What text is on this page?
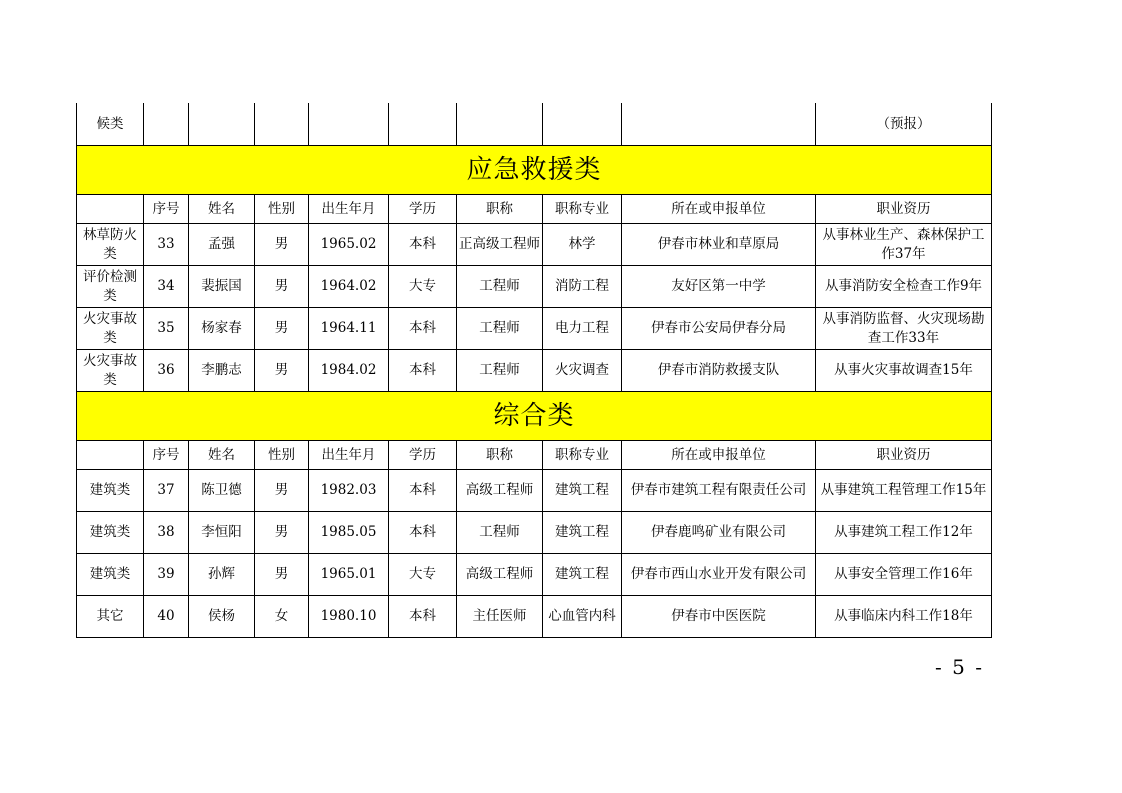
候类									（预报）
应急救援类									
	序号	姓名	性别	出生年月	学历	职称	职称专业	所在或申报单位	职业资历
林草防火类	33	孟强	男	1965.02	本科	正高级工程师	林学	伊春市林业和草原局	从事林业生产、森林保护工作37年
评价检测类	34	裴振国	男	1964.02	大专	工程师	消防工程	友好区第一中学	从事消防安全检查工作9年
火灾事故类	35	杨家春	男	1964.11	本科	工程师	电力工程	伊春市公安局伊春分局	从事消防监督、火灾现场勘查工作33年
火灾事故类	36	李鹏志	男	1984.02	本科	工程师	火灾调查	伊春市消防救援支队	从事火灾事故调查15年
综合类									
	序号	姓名	性别	出生年月	学历	职称	职称专业	所在或申报单位	职业资历
建筑类	37	陈卫德	男	1982.03	本科	高级工程师	建筑工程	伊春市建筑工程有限责任公司	从事建筑工程管理工作15年
建筑类	38	李恒阳	男	1985.05	本科	工程师	建筑工程	伊春鹿鸣矿业有限公司	从事建筑工程工作12年
建筑类	39	孙辉	男	1965.01	大专	高级工程师	建筑工程	伊春市西山水业开发有限公司	从事安全管理工作16年
其它	40	侯杨	女	1980.10	本科	主任医师	心血管内科	伊春市中医医院	从事临床内科工作18年
- 5 -
